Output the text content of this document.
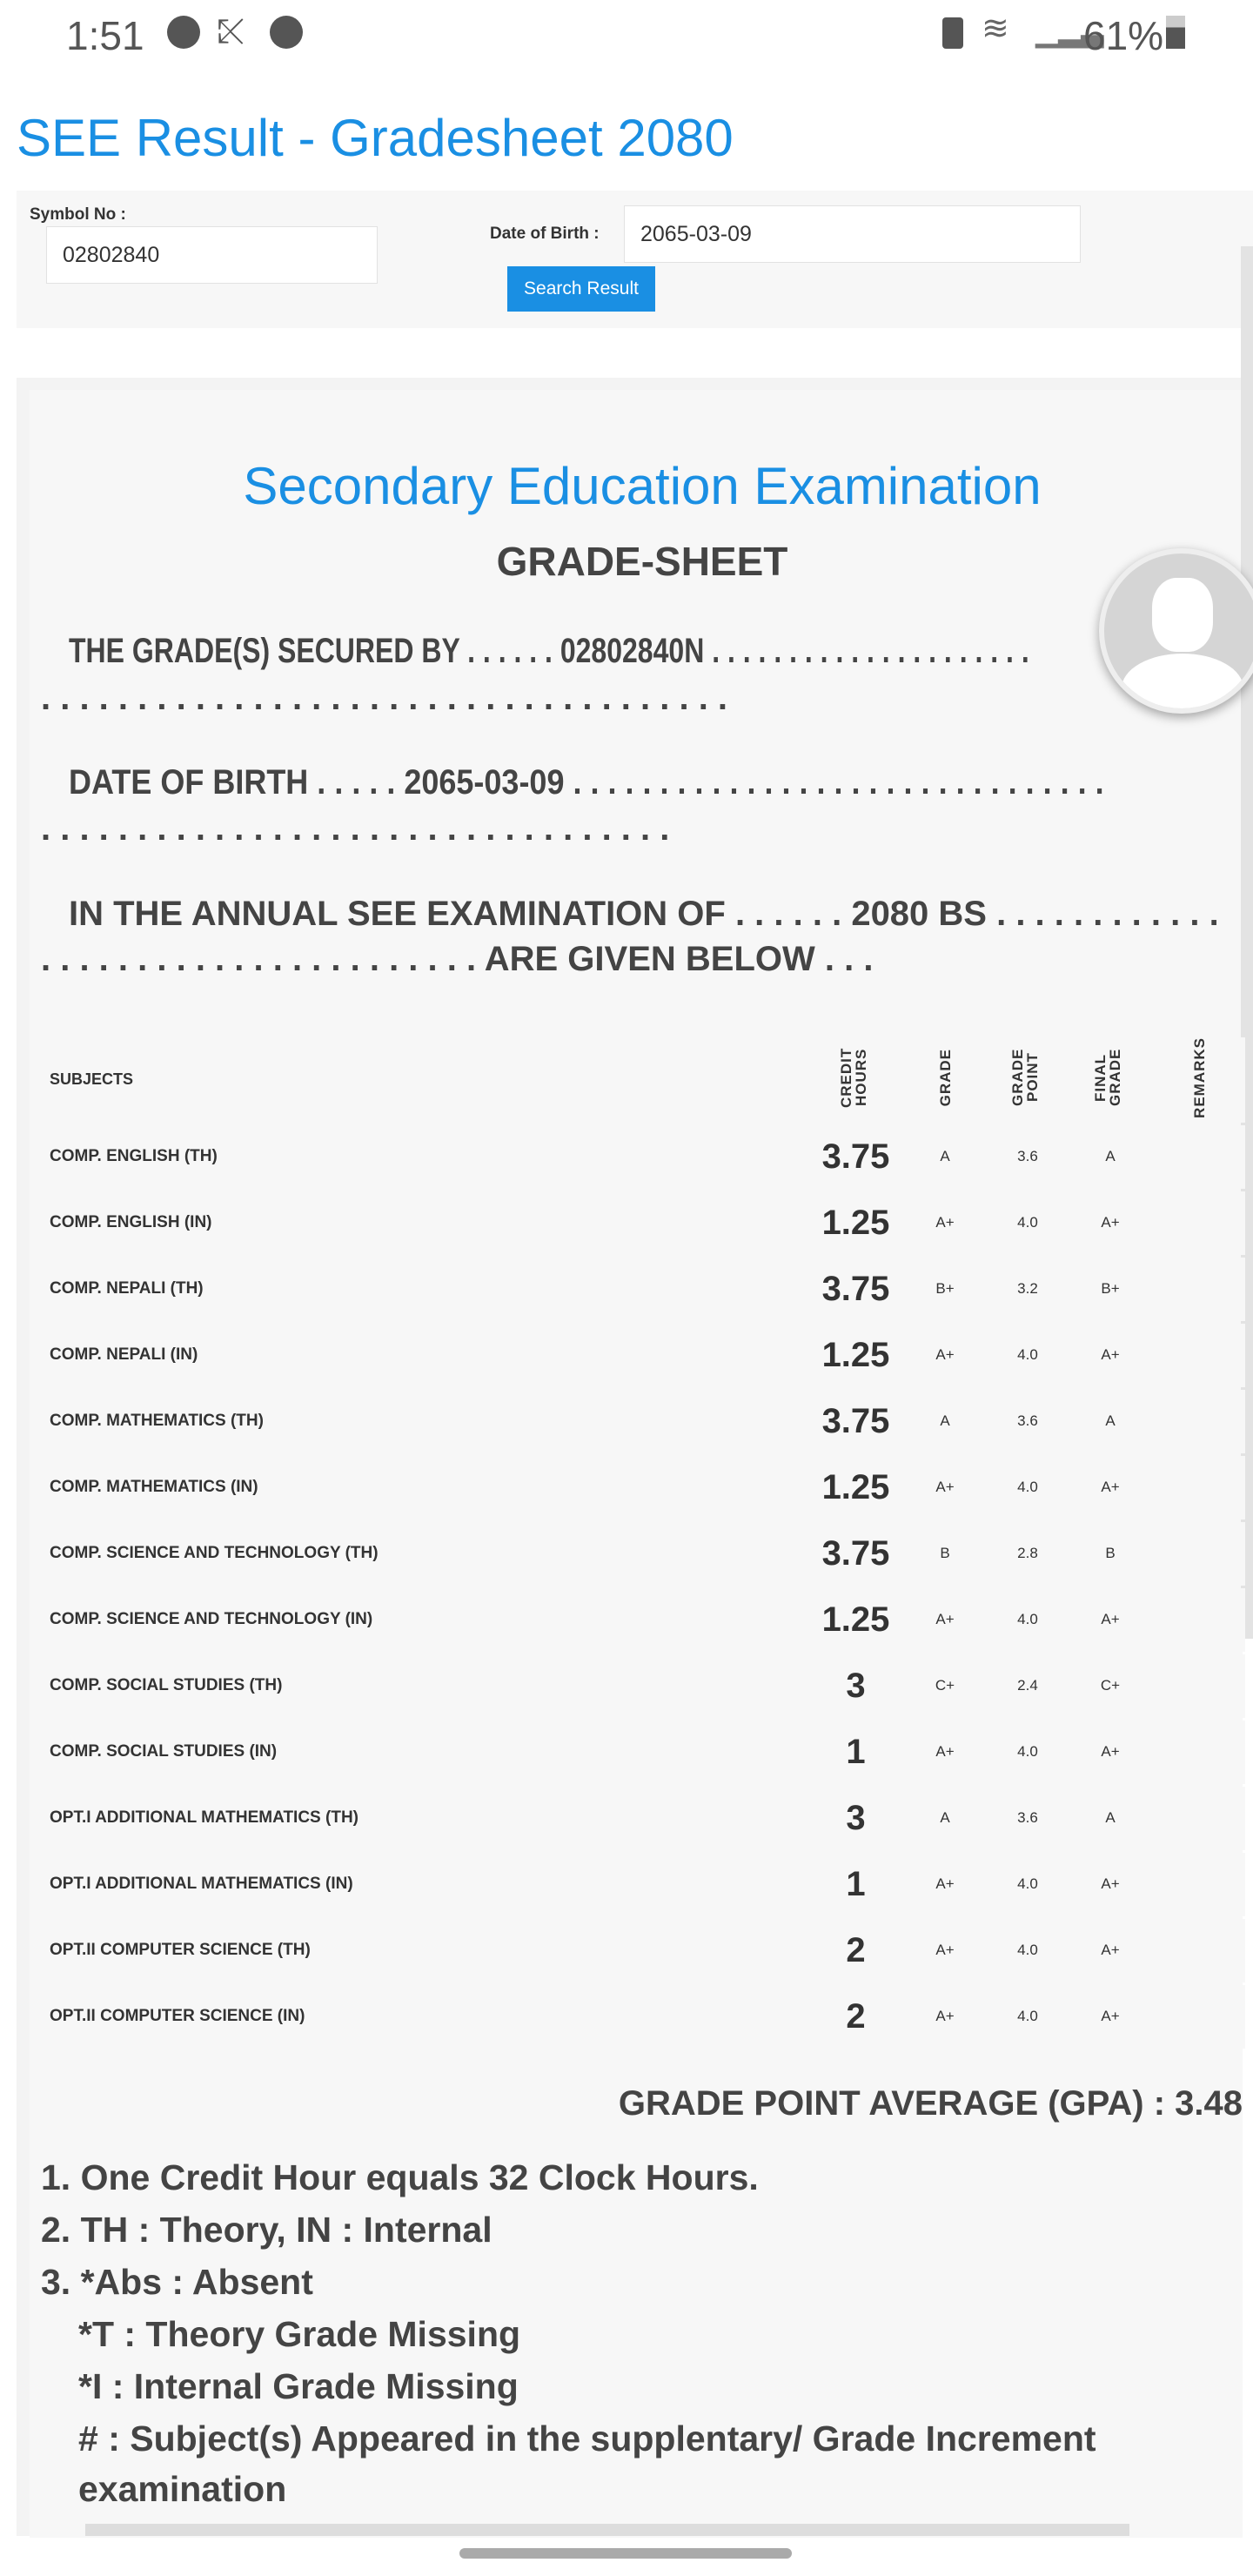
1:51 ⤪	≋ ▁▂▃
61%
SEE Result - Gradesheet 2080
Symbol No :
02802840
Date of Birth :	2065-03-09
Search Result
Secondary Education Examination
GRADE-SHEET
THE GRADE(S) SECURED BY . . . . . . 02802840N . . . . . . . . . . . . . . . . . . . . .
. . . . . . . . . . . . . . . . . . . . . . . . . . . . . . . . . . . .
DATE OF BIRTH . . . . . 2065-03-09 . . . . . . . . . . . . . . . . . . . . . . . . . . . . . . .
. . . . . . . . . . . . . . . . . . . . . . . . . . . . . . . . .
IN THE ANNUAL SEE EXAMINATION OF . . . . . . 2080 BS . . . . . . . . . . . .
. . . . . . . . . . . . . . . . . . . . . . . ARE GIVEN BELOW . . .
SUBJECTS	CREDIT HOURS	GRADE	GRADE POINT	FINAL GRADE	REMARKS
COMP. ENGLISH (TH)	3.75	A	3.6	A	
COMP. ENGLISH (IN)	1.25	A+	4.0	A+	
COMP. NEPALI (TH)	3.75	B+	3.2	B+	
COMP. NEPALI (IN)	1.25	A+	4.0	A+	
COMP. MATHEMATICS (TH)	3.75	A	3.6	A	
COMP. MATHEMATICS (IN)	1.25	A+	4.0	A+	
COMP. SCIENCE AND TECHNOLOGY (TH)	3.75	B	2.8	B	
COMP. SCIENCE AND TECHNOLOGY (IN)	1.25	A+	4.0	A+	
COMP. SOCIAL STUDIES (TH)	3	C+	2.4	C+	
COMP. SOCIAL STUDIES (IN)	1	A+	4.0	A+	
OPT.I ADDITIONAL MATHEMATICS (TH)	3	A	3.6	A	
OPT.I ADDITIONAL MATHEMATICS (IN)	1	A+	4.0	A+	
OPT.II COMPUTER SCIENCE (TH)	2	A+	4.0	A+	
OPT.II COMPUTER SCIENCE (IN)	2	A+	4.0	A+	
GRADE POINT AVERAGE (GPA) : 3.48
1. One Credit Hour equals 32 Clock Hours.
2. TH : Theory, IN : Internal
3. *Abs : Absent
*T : Theory Grade Missing
*I : Internal Grade Missing
# : Subject(s) Appeared in the supplentary/ Grade Increment
examination
